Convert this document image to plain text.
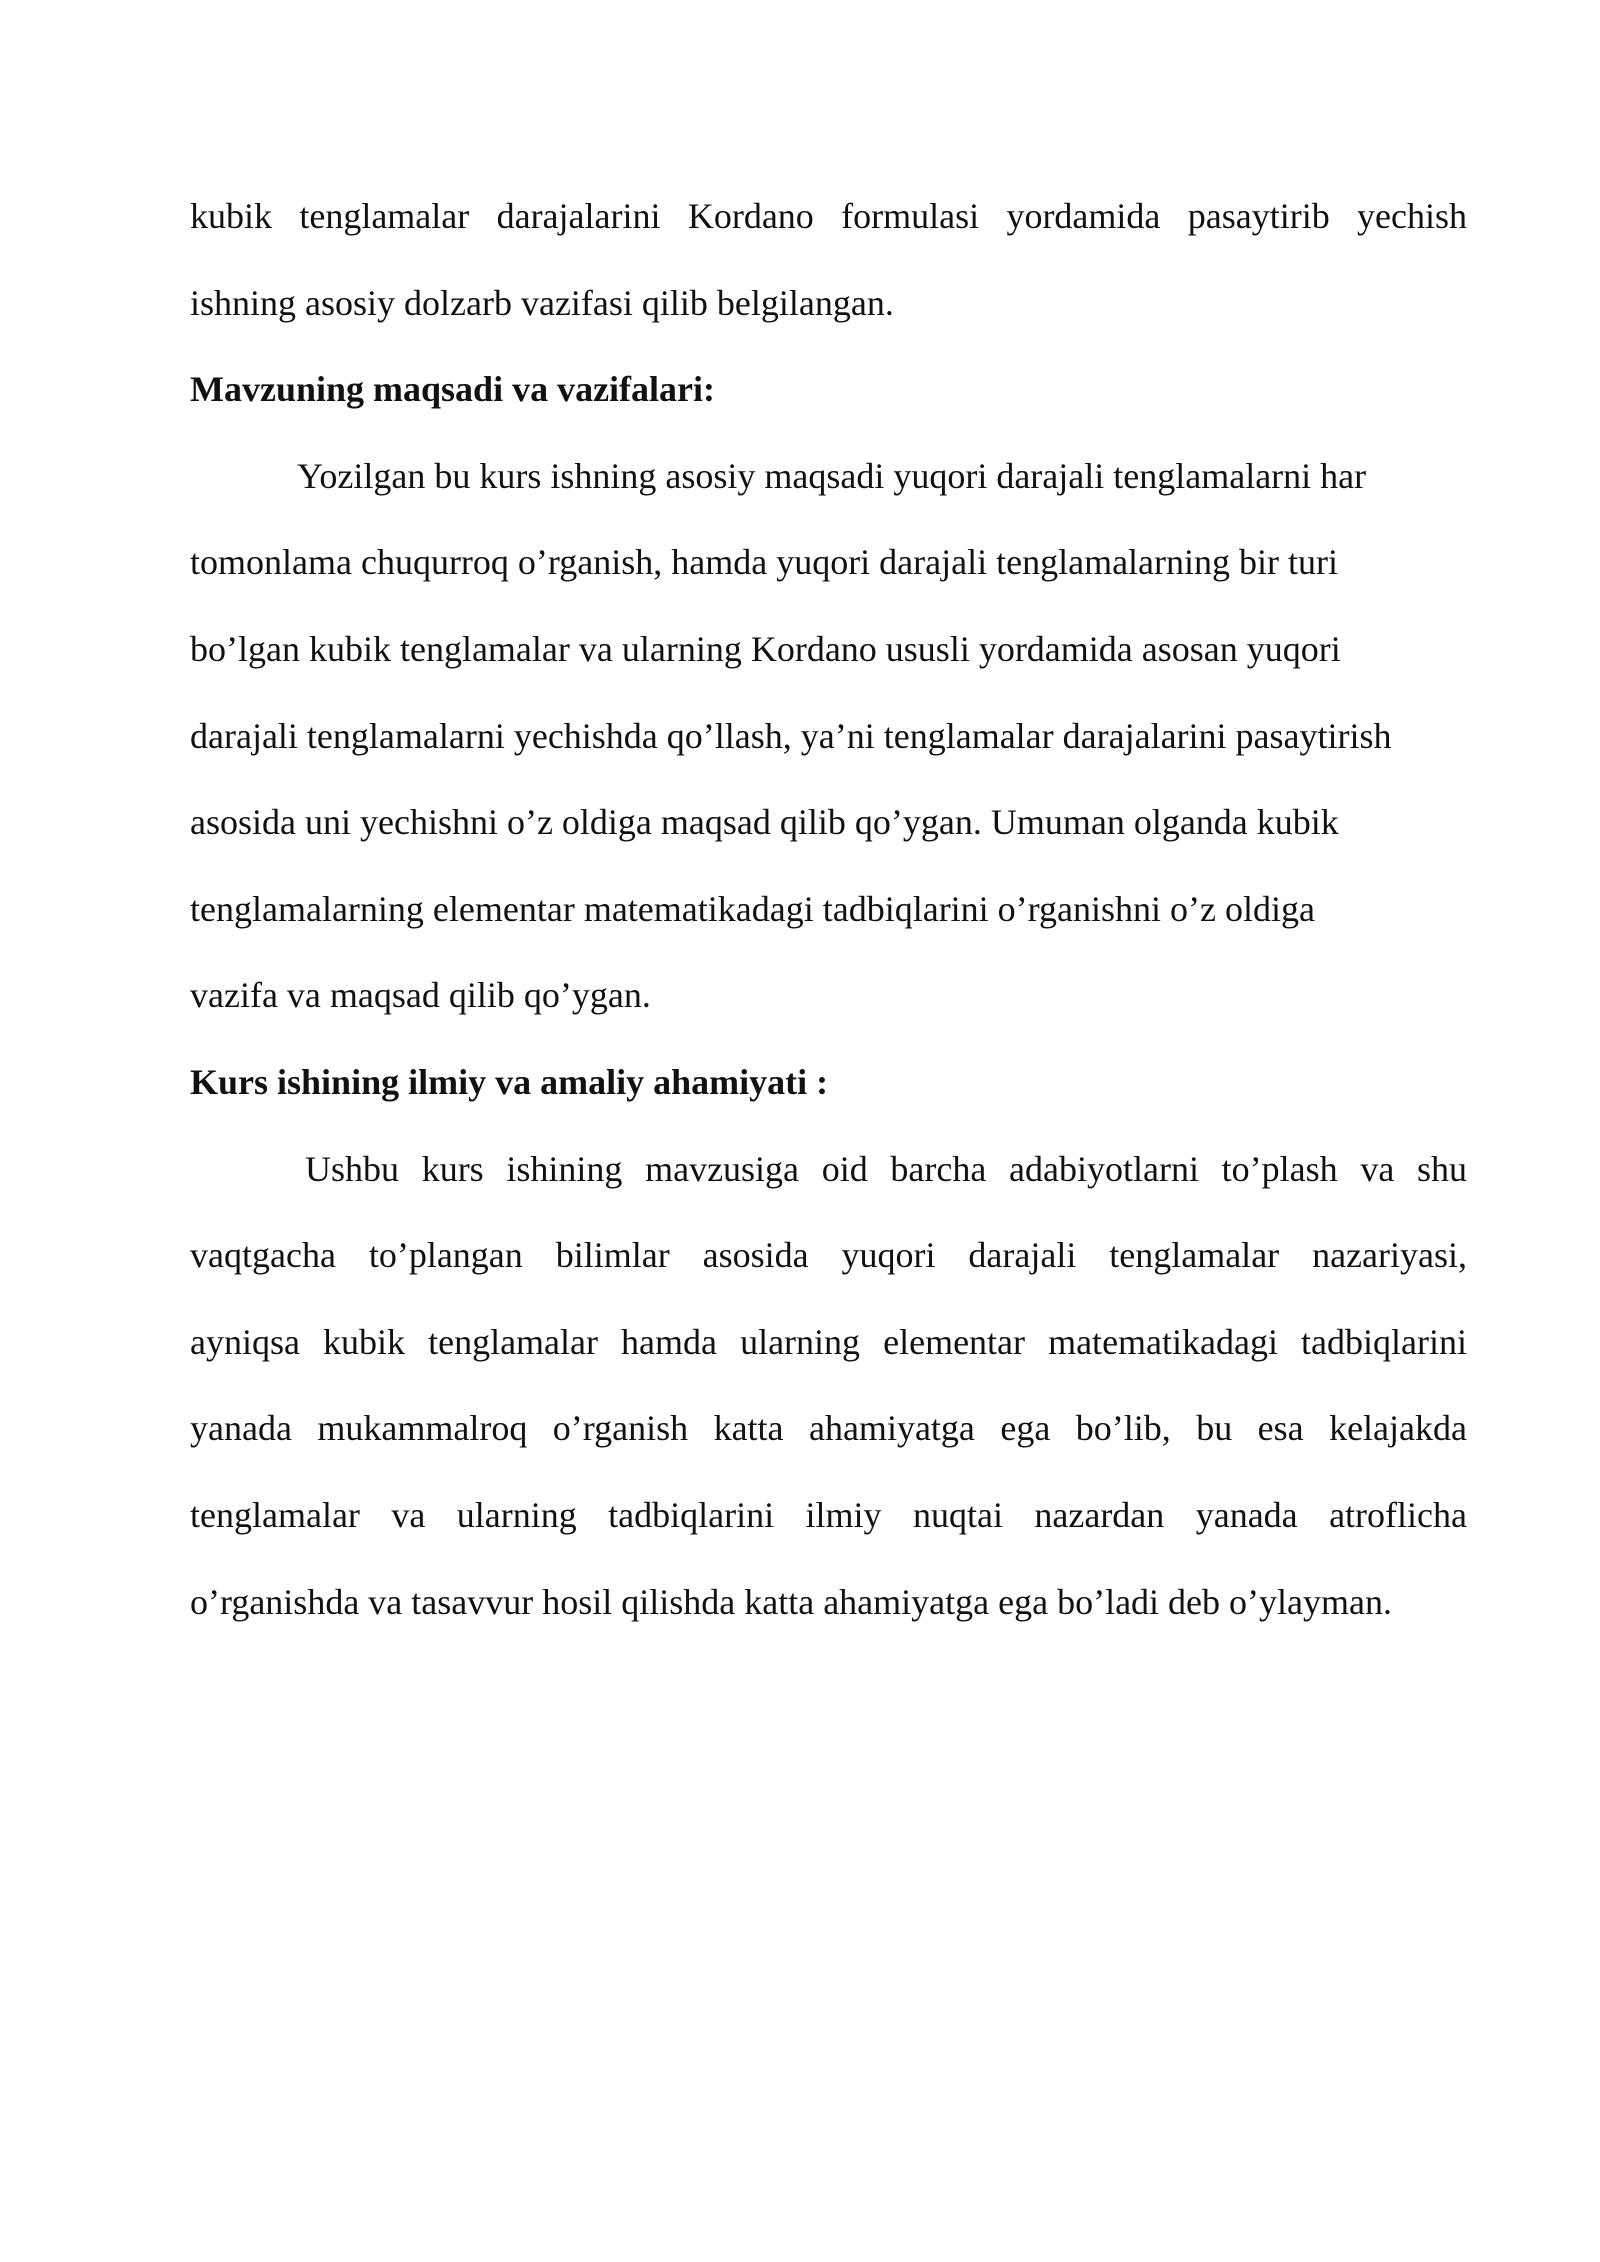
kubik tenglamalar darajalarini Kordano formulasi yordamida pasaytirib yechish
ishning asosiy dolzarb vazifasi qilib belgilangan.
Mavzuning maqsadi va vazifalari:
Yozilgan bu kurs ishning asosiy maqsadi yuqori darajali tenglamalarni har
tomonlama chuqurroq o’rganish, hamda yuqori darajali tenglamalarning bir turi
bo’lgan kubik tenglamalar va ularning Kordano ususli yordamida asosan yuqori
darajali tenglamalarni yechishda qo’llash, ya’ni tenglamalar darajalarini pasaytirish
asosida uni yechishni o’z oldiga maqsad qilib qo’ygan. Umuman olganda kubik
tenglamalarning elementar matematikadagi tadbiqlarini o’rganishni o’z oldiga
vazifa va maqsad qilib qo’ygan.
Kurs ishining ilmiy va amaliy ahamiyati :
Ushbu kurs ishining mavzusiga oid barcha adabiyotlarni to’plash va shu
vaqtgacha to’plangan bilimlar asosida yuqori darajali tenglamalar nazariyasi,
ayniqsa kubik tenglamalar hamda ularning elementar matematikadagi tadbiqlarini
yanada mukammalroq o’rganish katta ahamiyatga ega bo’lib, bu esa kelajakda
tenglamalar va ularning tadbiqlarini ilmiy nuqtai nazardan yanada atroflicha
o’rganishda va tasavvur hosil qilishda katta ahamiyatga ega bo’ladi deb o’ylayman.
